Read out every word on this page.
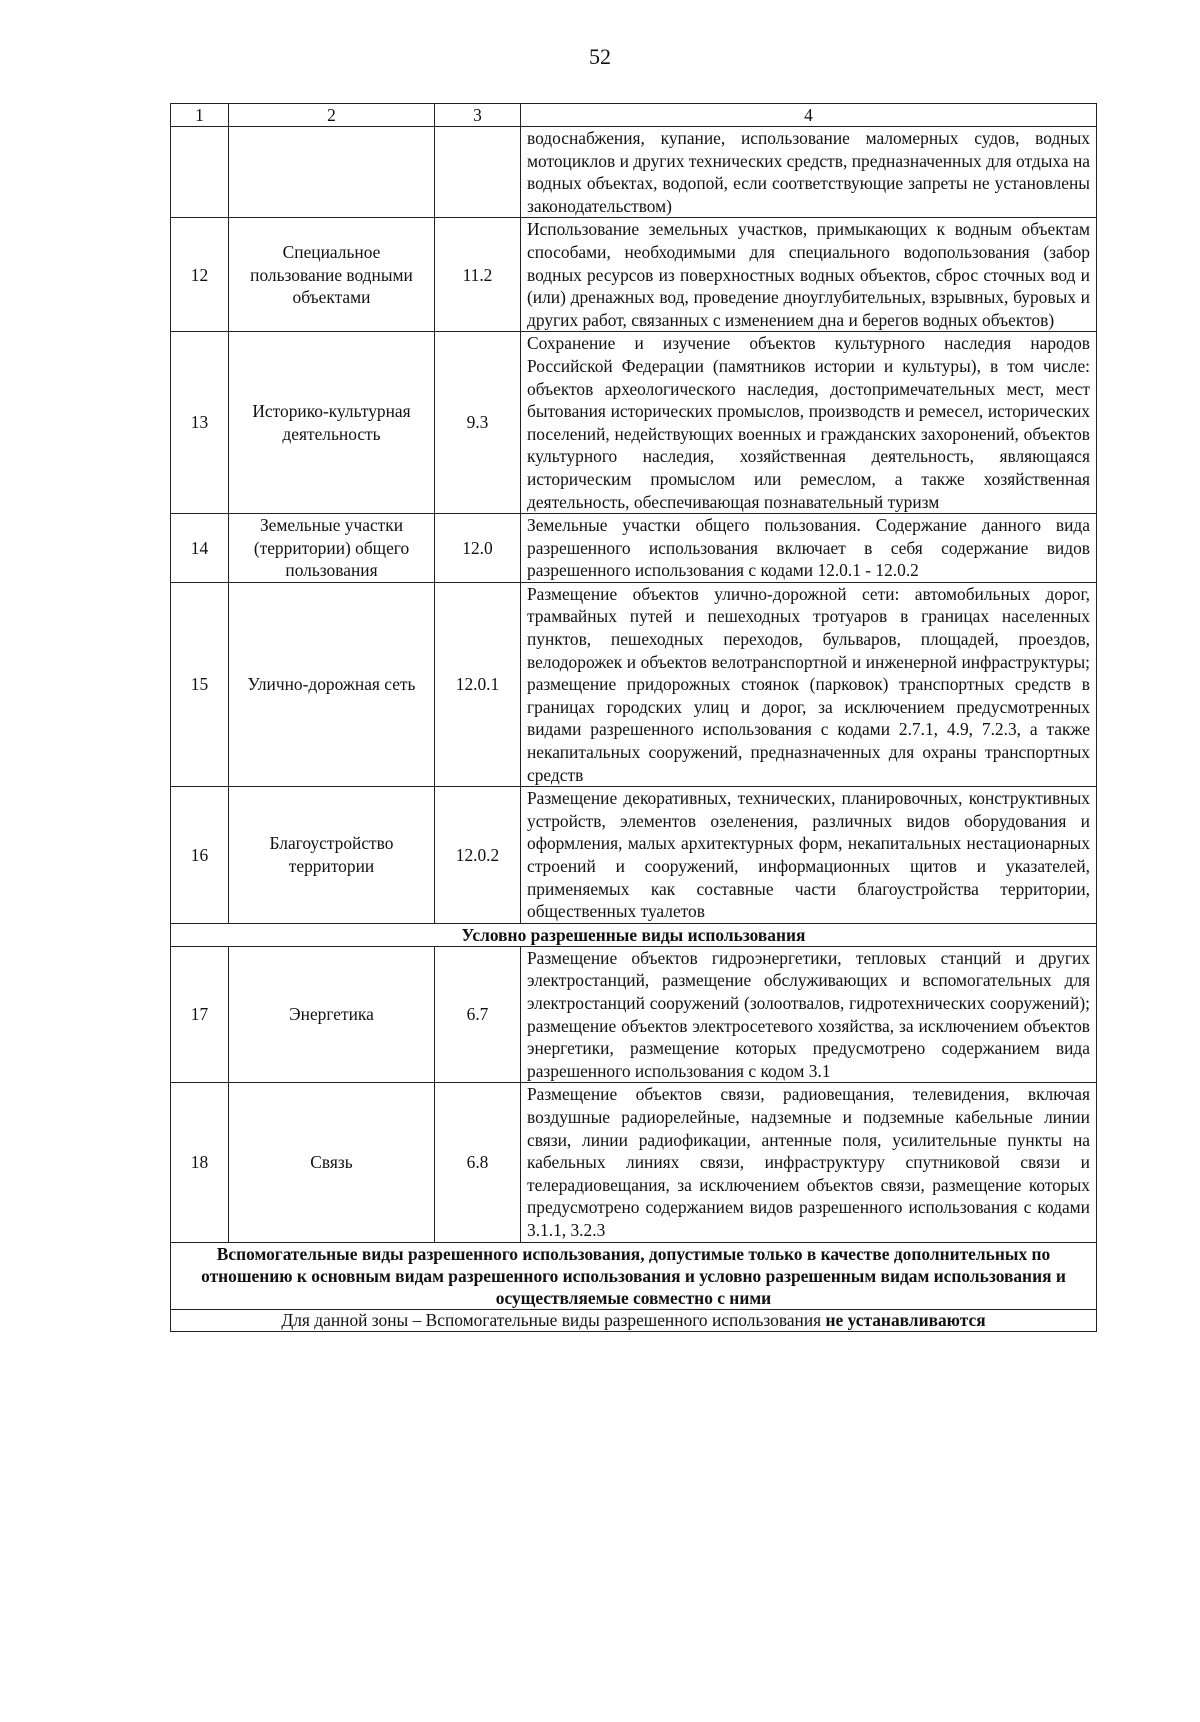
52
1	2	3	4
			водоснабжения, купание, использование маломерных судов, водных мотоциклов и других технических средств, предназначенных для отдыха на водных объектах, водопой, если соответствующие запреты не установлены законодательством)
12	Специальное пользование водными объектами	11.2	Использование земельных участков, примыкающих к водным объектам способами, необходимыми для специального водопользования (забор водных ресурсов из поверхностных водных объектов, сброс сточных вод и (или) дренажных вод, проведение дноуглубительных, взрывных, буровых и других работ, связанных с изменением дна и берегов водных объектов)
13	Историко-культурная деятельность	9.3	Сохранение и изучение объектов культурного наследия народов Российской Федерации (памятников истории и культуры), в том числе: объектов археологического наследия, достопримечательных мест, мест бытования исторических промыслов, производств и ремесел, исторических поселений, недействующих военных и гражданских захоронений, объектов культурного наследия, хозяйственная деятельность, являющаяся историческим промыслом или ремеслом, а также хозяйственная деятельность, обеспечивающая познавательный туризм
14	Земельные участки (территории) общего пользования	12.0	Земельные участки общего пользования. Содержание данного вида разрешенного использования включает в себя содержание видов разрешенного использования с кодами 12.0.1 - 12.0.2
15	Улично-дорожная сеть	12.0.1	Размещение объектов улично-дорожной сети: автомобильных дорог, трамвайных путей и пешеходных тротуаров в границах населенных пунктов, пешеходных переходов, бульваров, площадей, проездов, велодорожек и объектов велотранспортной и инженерной инфраструктуры; размещение придорожных стоянок (парковок) транспортных средств в границах городских улиц и дорог, за исключением предусмотренных видами разрешенного использования с кодами 2.7.1, 4.9, 7.2.3, а также некапитальных сооружений, предназначенных для охраны транспортных средств
16	Благоустройство территории	12.0.2	Размещение декоративных, технических, планировочных, конструктивных устройств, элементов озеленения, различных видов оборудования и оформления, малых архитектурных форм, некапитальных нестационарных строений и сооружений, информационных щитов и указателей, применяемых как составные части благоустройства территории, общественных туалетов
Условно разрешенные виды использования			
17	Энергетика	6.7	Размещение объектов гидроэнергетики, тепловых станций и других электростанций, размещение обслуживающих и вспомогательных для электростанций сооружений (золоотвалов, гидротехнических сооружений); размещение объектов электросетевого хозяйства, за исключением объектов энергетики, размещение которых предусмотрено содержанием вида разрешенного использования с кодом 3.1
18	Связь	6.8	Размещение объектов связи, радиовещания, телевидения, включая воздушные радиорелейные, надземные и подземные кабельные линии связи, линии радиофикации, антенные поля, усилительные пункты на кабельных линиях связи, инфраструктуру спутниковой связи и телерадиовещания, за исключением объектов связи, размещение которых предусмотрено содержанием видов разрешенного использования с кодами 3.1.1, 3.2.3
Вспомогательные виды разрешенного использования, допустимые только в качестве дополнительных по отношению к основным видам разрешенного использования и условно разрешенным видам использования и осуществляемые совместно с ними			
Для данной зоны – Вспомогательные виды разрешенного использования не устанавливаются			
